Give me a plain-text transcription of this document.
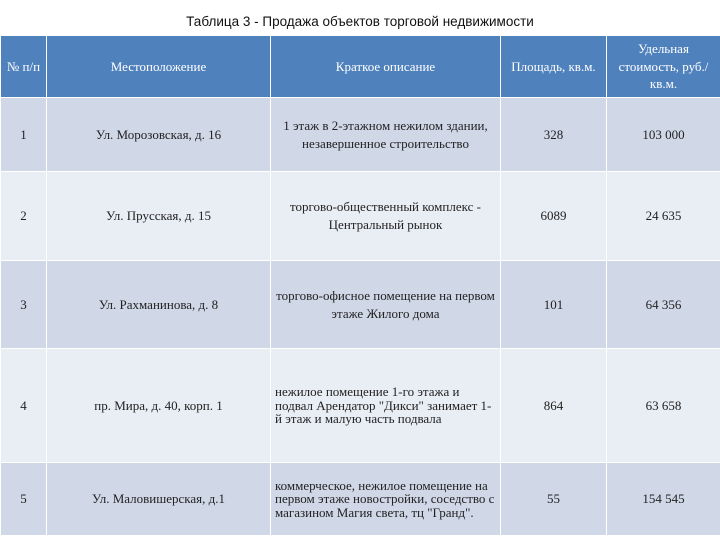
Таблица 3 - Продажа объектов торговой недвижимости
№ п/п	Местоположение	Краткое описание	Площадь, кв.м.	Удельная стоимость, руб./кв.м.
1	Ул. Морозовская, д. 16	1 этаж в 2-этажном нежилом здании, незавершенное строительство	328	103 000
2	Ул. Прусская, д. 15	торгово-общественный комплекс - Центральный рынок	6089	24 635
3	Ул. Рахманинова, д. 8	торгово-офисное помещение на первом этаже Жилого дома	101	64 356
4	пр. Мира, д. 40, корп. 1	нежилое помещение 1-го этажа и подвал Арендатор "Дикси" занимает 1-й этаж и малую часть подвала	864	63 658
5	Ул. Маловишерская, д.1	коммерческое, нежилое помещение на первом этаже новостройки, соседство с магазином Магия света, тц "Гранд".	55	154 545
